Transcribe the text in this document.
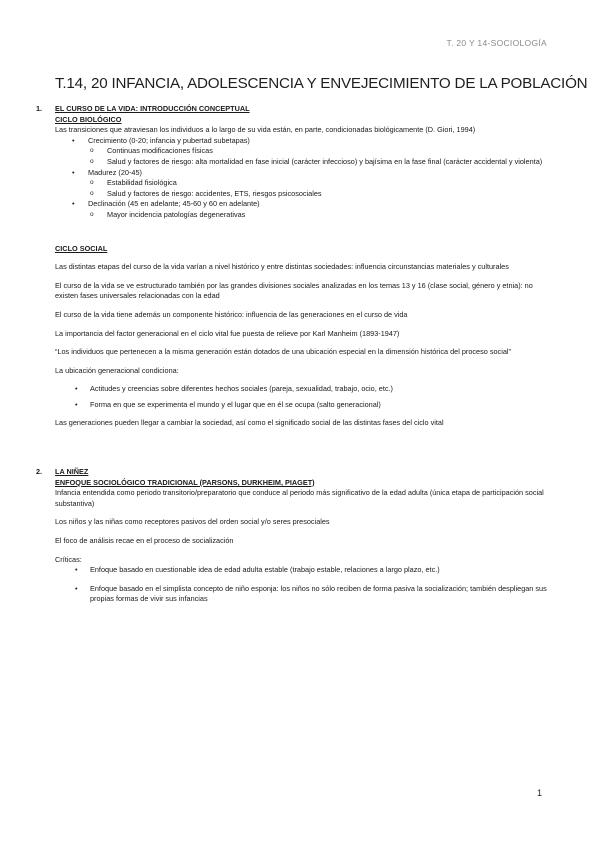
T. 20 Y 14-SOCIOLOGÍA
T.14, 20 INFANCIA, ADOLESCENCIA Y ENVEJECIMIENTO DE LA POBLACIÓN
1. EL CURSO DE LA VIDA: INTRODUCCIÓN CONCEPTUAL

CICLO BIOLÓGICO

Las transiciones que atraviesan los individuos a lo largo de su vida están, en parte, condicionadas biológicamente (D. Giori, 1994)

• Crecimiento (0-20; infancia y pubertad subetapas)
o Continuas modificaciones físicas
o Salud y factores de riesgo: alta mortalidad en fase inicial (carácter infeccioso) y bajísima en la fase final (carácter accidental y violenta)
• Madurez (20-45)
o Estabilidad fisiológica
o Salud y factores de riesgo: accidentes, ETS, riesgos psicosociales
• Declinación (45 en adelante; 45-60 y 60 en adelante)
o Mayor incidencia patologías degenerativas

CICLO SOCIAL

Las distintas etapas del curso de la vida varían a nivel histórico y entre distintas sociedades: influencia circunstancias materiales y culturales

El curso de la vida se ve estructurado también por las grandes divisiones sociales analizadas en los temas 13 y 16 (clase social, género y etnia): no existen fases universales relacionadas con la edad

El curso de la vida tiene además un componente histórico: influencia de las generaciones en el curso de vida

La importancia del factor generacional en el ciclo vital fue puesta de relieve por Karl Manheim (1893-1947)

“Los individuos que pertenecen a la misma generación están dotados de una ubicación especial en la dimensión histórica del proceso social”

La ubicación generacional condiciona:

• Actitudes y creencias sobre diferentes hechos sociales (pareja, sexualidad, trabajo, ocio, etc.)
• Forma en que se experimenta el mundo y el lugar que en él se ocupa (salto generacional)

Las generaciones pueden llegar a cambiar la sociedad, así como el significado social de las distintas fases del ciclo vital

2. LA NIÑEZ

ENFOQUE SOCIOLÓGICO TRADICIONAL (PARSONS, DURKHEIM, PIAGET)

Infancia entendida como periodo transitorio/preparatorio que conduce al periodo más significativo de la edad adulta (única etapa de participación social substantiva)

Los niños y las niñas como receptores pasivos del orden social y/o seres presociales

El foco de análisis recae en el proceso de socialización

Críticas:

• Enfoque basado en cuestionable idea de edad adulta estable (trabajo estable, relaciones a largo plazo, etc.)
• Enfoque basado en el simplista concepto de niño esponja: los niños no sólo reciben de forma pasiva la socialización; también despliegan sus propias formas de vivir sus infancias
1
